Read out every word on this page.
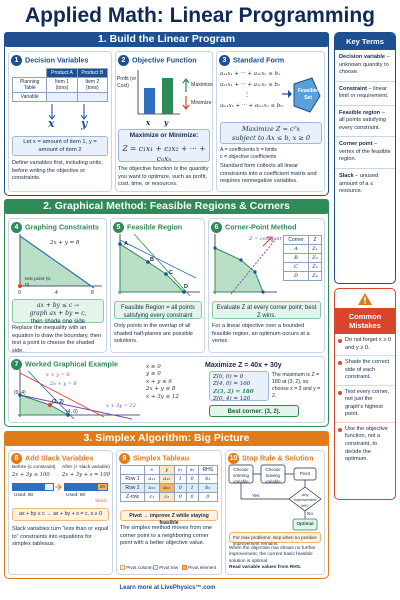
Applied Math: Linear Programming
1. Build the Linear Program
1 Decision Variables
	Product A	Product B
Planning Table	Item 1 (tons)	Item 2 (tons)
Variable		
x y
Let x = amount of item 1, y = amount of item 2
Define variables first, including units, before writing the objective or constraints.
2 Objective Function
Profit (or Cost)
x y
Maximize
Minimize
Maximize or Minimize:
Z = c₁x₁ + c₂x₂ + ··· + cₙxₙ
The objective function is the quantity you want to optimize, such as profit, cost, time, or resources.
3 Standard Form
a₁₁x₁ + ··· + a₁ₙxₙ ≤ b₁
a₂₁x₁ + ··· + a₂ₙxₙ ≤ b₂
⋮
aₘ₁x₁ + ··· + aₘₙxₙ ≤ bₘ
Feasible Set
Maximize Z = cᵀx
subject to Ax ≤ b, x ≥ 0
A = coefficients b = limits
c = objective coefficients
Standard form collects all linear constraints into a coefficient matrix and requires nonnegative variables.
2. Graphical Method: Feasible Regions & Corners
4 Graphing Constraints
2x + y = 8
test point (0, 0)
0	4	8
ax + by ≤ c →
graph ax + by = c,
then shade one side
Replace the inequality with an equation to draw the boundary, then test a point to choose the shaded side.
5 Feasible Region
A
B
C
D
Feasible Region = all points satisfying every constraint
Only points in the overlap of all shaded half-planes are possible solutions.
6 Corner-Point Method
Z = constant Corner	Z
A	Z₁
B	Z₂
C	Z₃
D	Z₄
Evaluate Z at every corner point; best Z wins.
For a linear objective over a bounded feasible region, an optimum occurs at a vertex.
7 Worked Graphical Example
x + y = 6
2x + y = 8
x + 3y = 12
(0, 4)
(3, 2)
(4, 0)
x ≥ 0
y ≥ 0
x + y ≤ 6
2x + y ≤ 8
x + 3y ≤ 12
Maximize Z = 40x + 30y
Z(0, 0) = 0
Z(4, 0) = 160
Z(3, 2) = 180
Z(0, 4) = 120
The maximum is Z = 180 at (3, 2), so choose x = 3 and y = 2.
Best corner: (3, 2).
3. Simplex Algorithm: Big Picture
8 Add Slack Variables
Before (≤ constraint) After (+ slack variable)
2x + 3y ≤ 100 2x + 3y + s = 100
20
Used: 80	Used: 80
Slack
ax + by ≤ c → ax + by + s = c, s ≥ 0
Slack variables turn “less than or equal to” constraints into equations for simplex tableaus.
9 Simplex Tableau
	x	y	s₁	s₂	RHS
Row 1	a₁₁	a₁₂	1	0	b₁
Row 2	a₂₁	a₂₂	0	1	b₂
Z-row	c₁	c₂	0	0	0
Pivot → improve Z while staying feasible
The simplex method moves from one corner point to a neighboring corner point with a better objective value.
Pivot column	Pivot row	Pivot element
10 Stop Rule & Solution
Choose entering variable
Choose leaving variable
Pivot
Any improvement left?
Yes
No
Optimal
For max problems: stop when no positive improvement remains.
When the objective row shows no further improvement, the current basic feasible solution is optimal.
Read variable values from RHS.
Key Terms
Decision variable – unknown quantity to choose.
Constraint – linear limit or requirement.
Feasible region – all points satisfying every constraint.
Corner point – vertex of the feasible region.
Slack – unused amount of a ≤ resource.
Common Mistakes
Do not forget x ≥ 0 and y ≥ 0.
Shade the correct side of each constraint.
Test every corner, not just the graph's highest point.
Use the objective function, not a constraint, to decide the optimum.
Learn more at LivePhysics™.com
